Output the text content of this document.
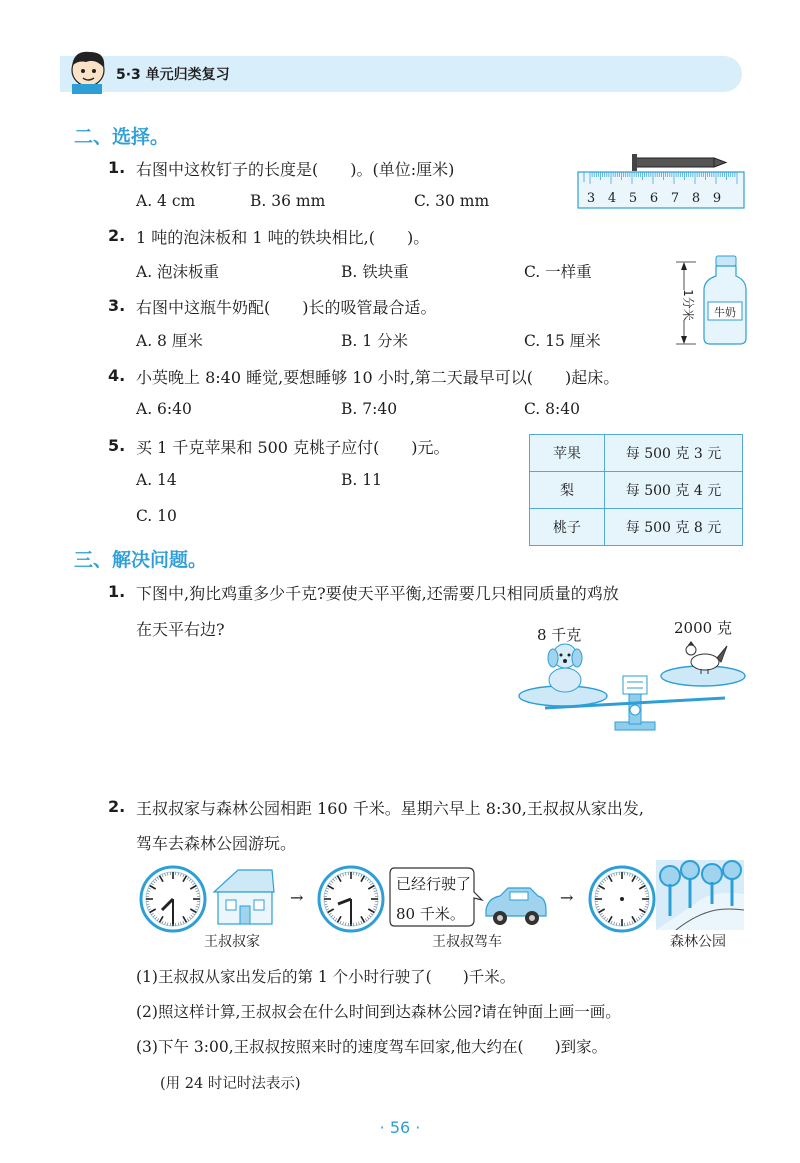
5·3 单元归类复习
二、选择。
1. 右图中这枚钉子的长度是(　　)。(单位:厘米)
A. 4 cm	B. 36 mm	C. 30 mm	3 4 5 6 7 8 9
2. 1 吨的泡沫板和 1 吨的铁块相比,(　　)。
A. 泡沫板重	B. 铁块重	C. 一样重
1分米 牛奶
3. 右图中这瓶牛奶配(　　)长的吸管最合适。
A. 8 厘米	B. 1 分米	C. 15 厘米
4. 小英晚上 8:40 睡觉,要想睡够 10 小时,第二天最早可以(　　)起床。
A. 6:40	B. 7:40	C. 8:40
5. 买 1 千克苹果和 500 克桃子应付(　　)元。
A. 14	B. 11
C. 10
苹果	每 500 克 3 元
梨	每 500 克 4 元
桃子	每 500 克 8 元
三、解决问题。
1. 下图中,狗比鸡重多少千克?要使天平平衡,还需要几只相同质量的鸡放
在天平右边?	8 千克	2000 克
2. 王叔叔家与森林公园相距 160 千米。星期六早上 8:30,王叔叔从家出发,
驾车去森林公园游玩。
王叔叔家
→
已经行驶了
80 千米。
王叔叔驾车
→
森林公园
(1)王叔叔从家出发后的第 1 个小时行驶了(　　)千米。
(2)照这样计算,王叔叔会在什么时间到达森林公园?请在钟面上画一画。
(3)下午 3:00,王叔叔按照来时的速度驾车回家,他大约在(　　)到家。
(用 24 时记时法表示)
· 56 ·
